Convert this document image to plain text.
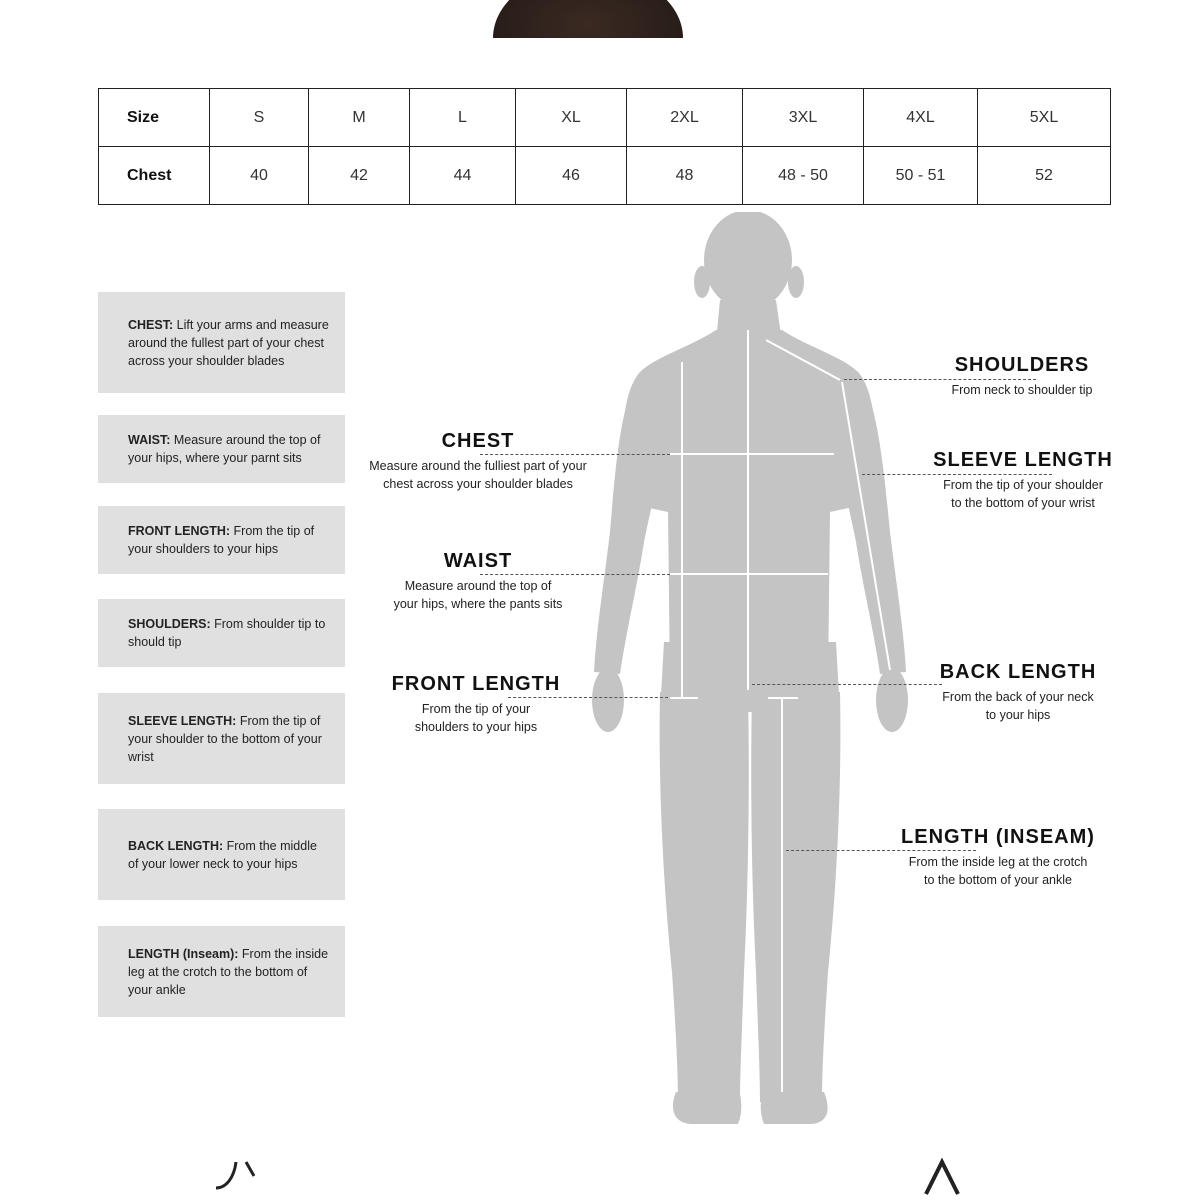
Size	S	M	L	XL	2XL	3XL	4XL	5XL
Chest	40	42	44	46	48	48 - 50	50 - 51	52
CHEST: Lift your arms and measure around the fullest part of your chest across your shoulder blades
WAIST: Measure around the top of your hips, where your parnt sits
FRONT LENGTH: From the tip of your shoulders to your hips
SHOULDERS: From shoulder tip to should tip
SLEEVE LENGTH: From the tip of your shoulder to the bottom of your wrist
BACK LENGTH: From the middle of your lower neck to your hips
LENGTH (Inseam): From the inside leg at the crotch to the bottom of your ankle
CHEST
Measure around the fulliest part of your
chest across your shoulder blades
WAIST
Measure around the top of
your hips, where the pants sits
FRONT LENGTH
From the tip of your
shoulders to your hips
SHOULDERS
From neck to shoulder tip
SLEEVE LENGTH
From the tip of your shoulder
to the bottom of your wrist
BACK LENGTH
From the back of your neck
to your hips
LENGTH (INSEAM)
From the inside leg at the crotch
to the bottom of your ankle
